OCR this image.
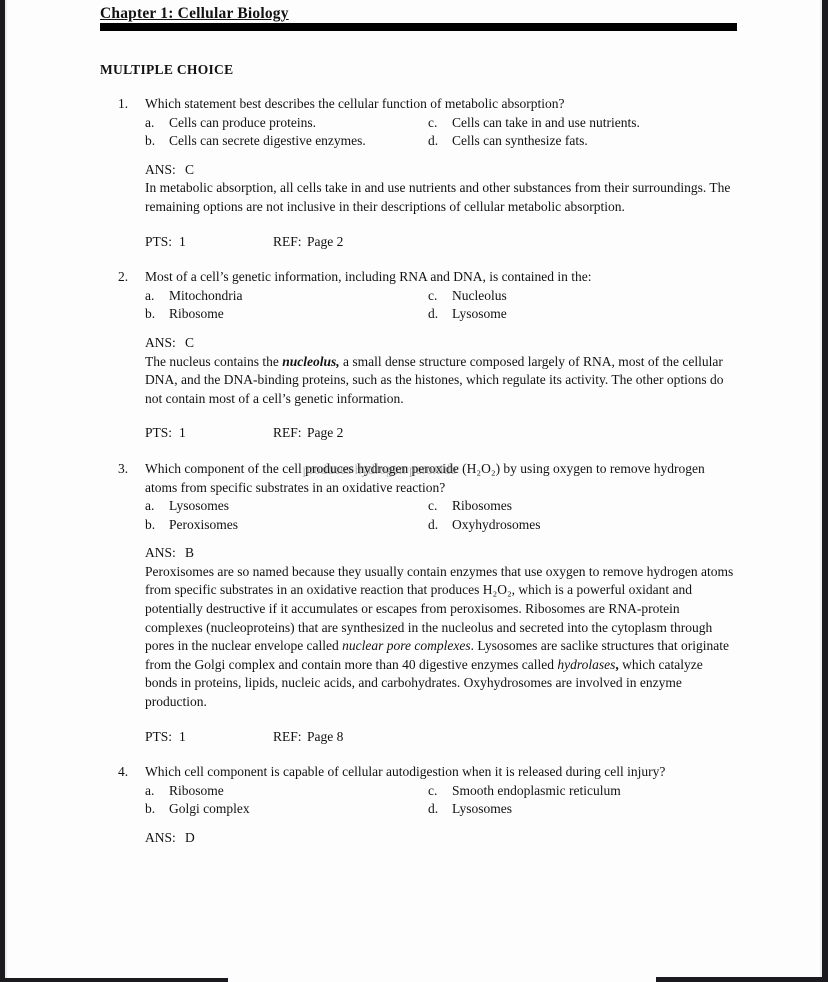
Chapter 1: Cellular Biology
MULTIPLE CHOICE
1.	Which statement best describes the cellular function of metabolic absorption?
a.	Cells can produce proteins.	c.	Cells can take in and use nutrients.
b.	Cells can secrete digestive enzymes.	d.	Cells can synthesize fats.
ANS: C
In metabolic absorption, all cells take in and use nutrients and other substances from their surroundings. The remaining options are not inclusive in their descriptions of cellular metabolic absorption.
PTS: 1	REF: Page 2
2.	Most of a cell’s genetic information, including RNA and DNA, is contained in the:
a.	Mitochondria	c.	Nucleolus
b.	Ribosome	d.	Lysosome
ANS: C
The nucleus contains the nucleolus, a small dense structure composed largely of RNA, most of the cellular DNA, and the DNA-binding proteins, such as the histones, which regulate its activity. The other options do not contain most of a cell’s genetic information.
PTS: 1	REF: Page 2
3.	Which component of the cell produces hydrogen peroxide (H₂O₂) by using oxygen to remove hydrogen atoms from specific substrates in an oxidative reaction?
a.	Lysosomes	c.	Ribosomes
b.	Peroxisomes	d.	Oxyhydrosomes
ANS: B
Peroxisomes are so named because they usually contain enzymes that use oxygen to remove hydrogen atoms from specific substrates in an oxidative reaction that produces H₂O₂, which is a powerful oxidant and potentially destructive if it accumulates or escapes from peroxisomes. Ribosomes are RNA-protein complexes (nucleoproteins) that are synthesized in the nucleolus and secreted into the cytoplasm through pores in the nuclear envelope called nuclear pore complexes. Lysosomes are saclike structures that originate from the Golgi complex and contain more than 40 digestive enzymes called hydrolases, which catalyze bonds in proteins, lipids, nucleic acids, and carbohydrates. Oxyhydrosomes are involved in enzyme production.
PTS: 1	REF: Page 8
4.	Which cell component is capable of cellular autodigestion when it is released during cell injury?
a.	Ribosome	c.	Smooth endoplasmic reticulum
b.	Golgi complex	d.	Lysosomes
ANS: D
